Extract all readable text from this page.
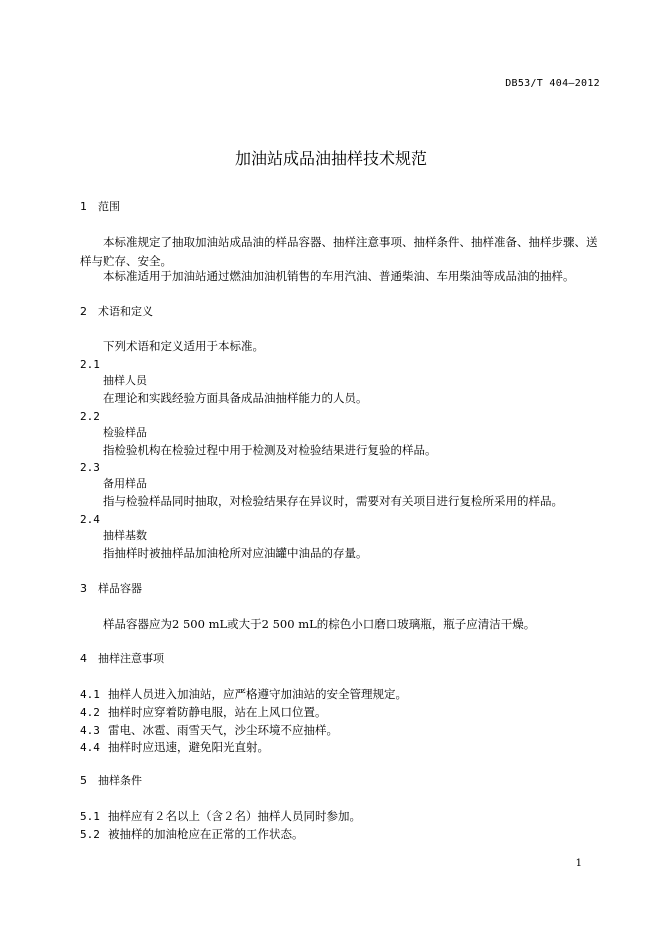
DB53/T 404—2012
加油站成品油抽样技术规范
1 范围
本标准规定了抽取加油站成品油的样品容器、抽样注意事项、抽样条件、抽样准备、抽样步骤、送样与贮存、安全。
本标准适用于加油站通过燃油加油机销售的车用汽油、普通柴油、车用柴油等成品油的抽样。
2 术语和定义
下列术语和定义适用于本标准。
2.1
抽样人员
在理论和实践经验方面具备成品油抽样能力的人员。
2.2
检验样品
指检验机构在检验过程中用于检测及对检验结果进行复验的样品。
2.3
备用样品
指与检验样品同时抽取，对检验结果存在异议时，需要对有关项目进行复检所采用的样品。
2.4
抽样基数
指抽样时被抽样品加油枪所对应油罐中油品的存量。
3 样品容器
样品容器应为2 500 mL或大于2 500 mL的棕色小口磨口玻璃瓶，瓶子应清洁干燥。
4 抽样注意事项
4.1 抽样人员进入加油站，应严格遵守加油站的安全管理规定。
4.2 抽样时应穿着防静电服，站在上风口位置。
4.3 雷电、冰雹、雨雪天气，沙尘环境不应抽样。
4.4 抽样时应迅速，避免阳光直射。
5 抽样条件
5.1 抽样应有２名以上（含２名）抽样人员同时参加。
5.2 被抽样的加油枪应在正常的工作状态。
1
